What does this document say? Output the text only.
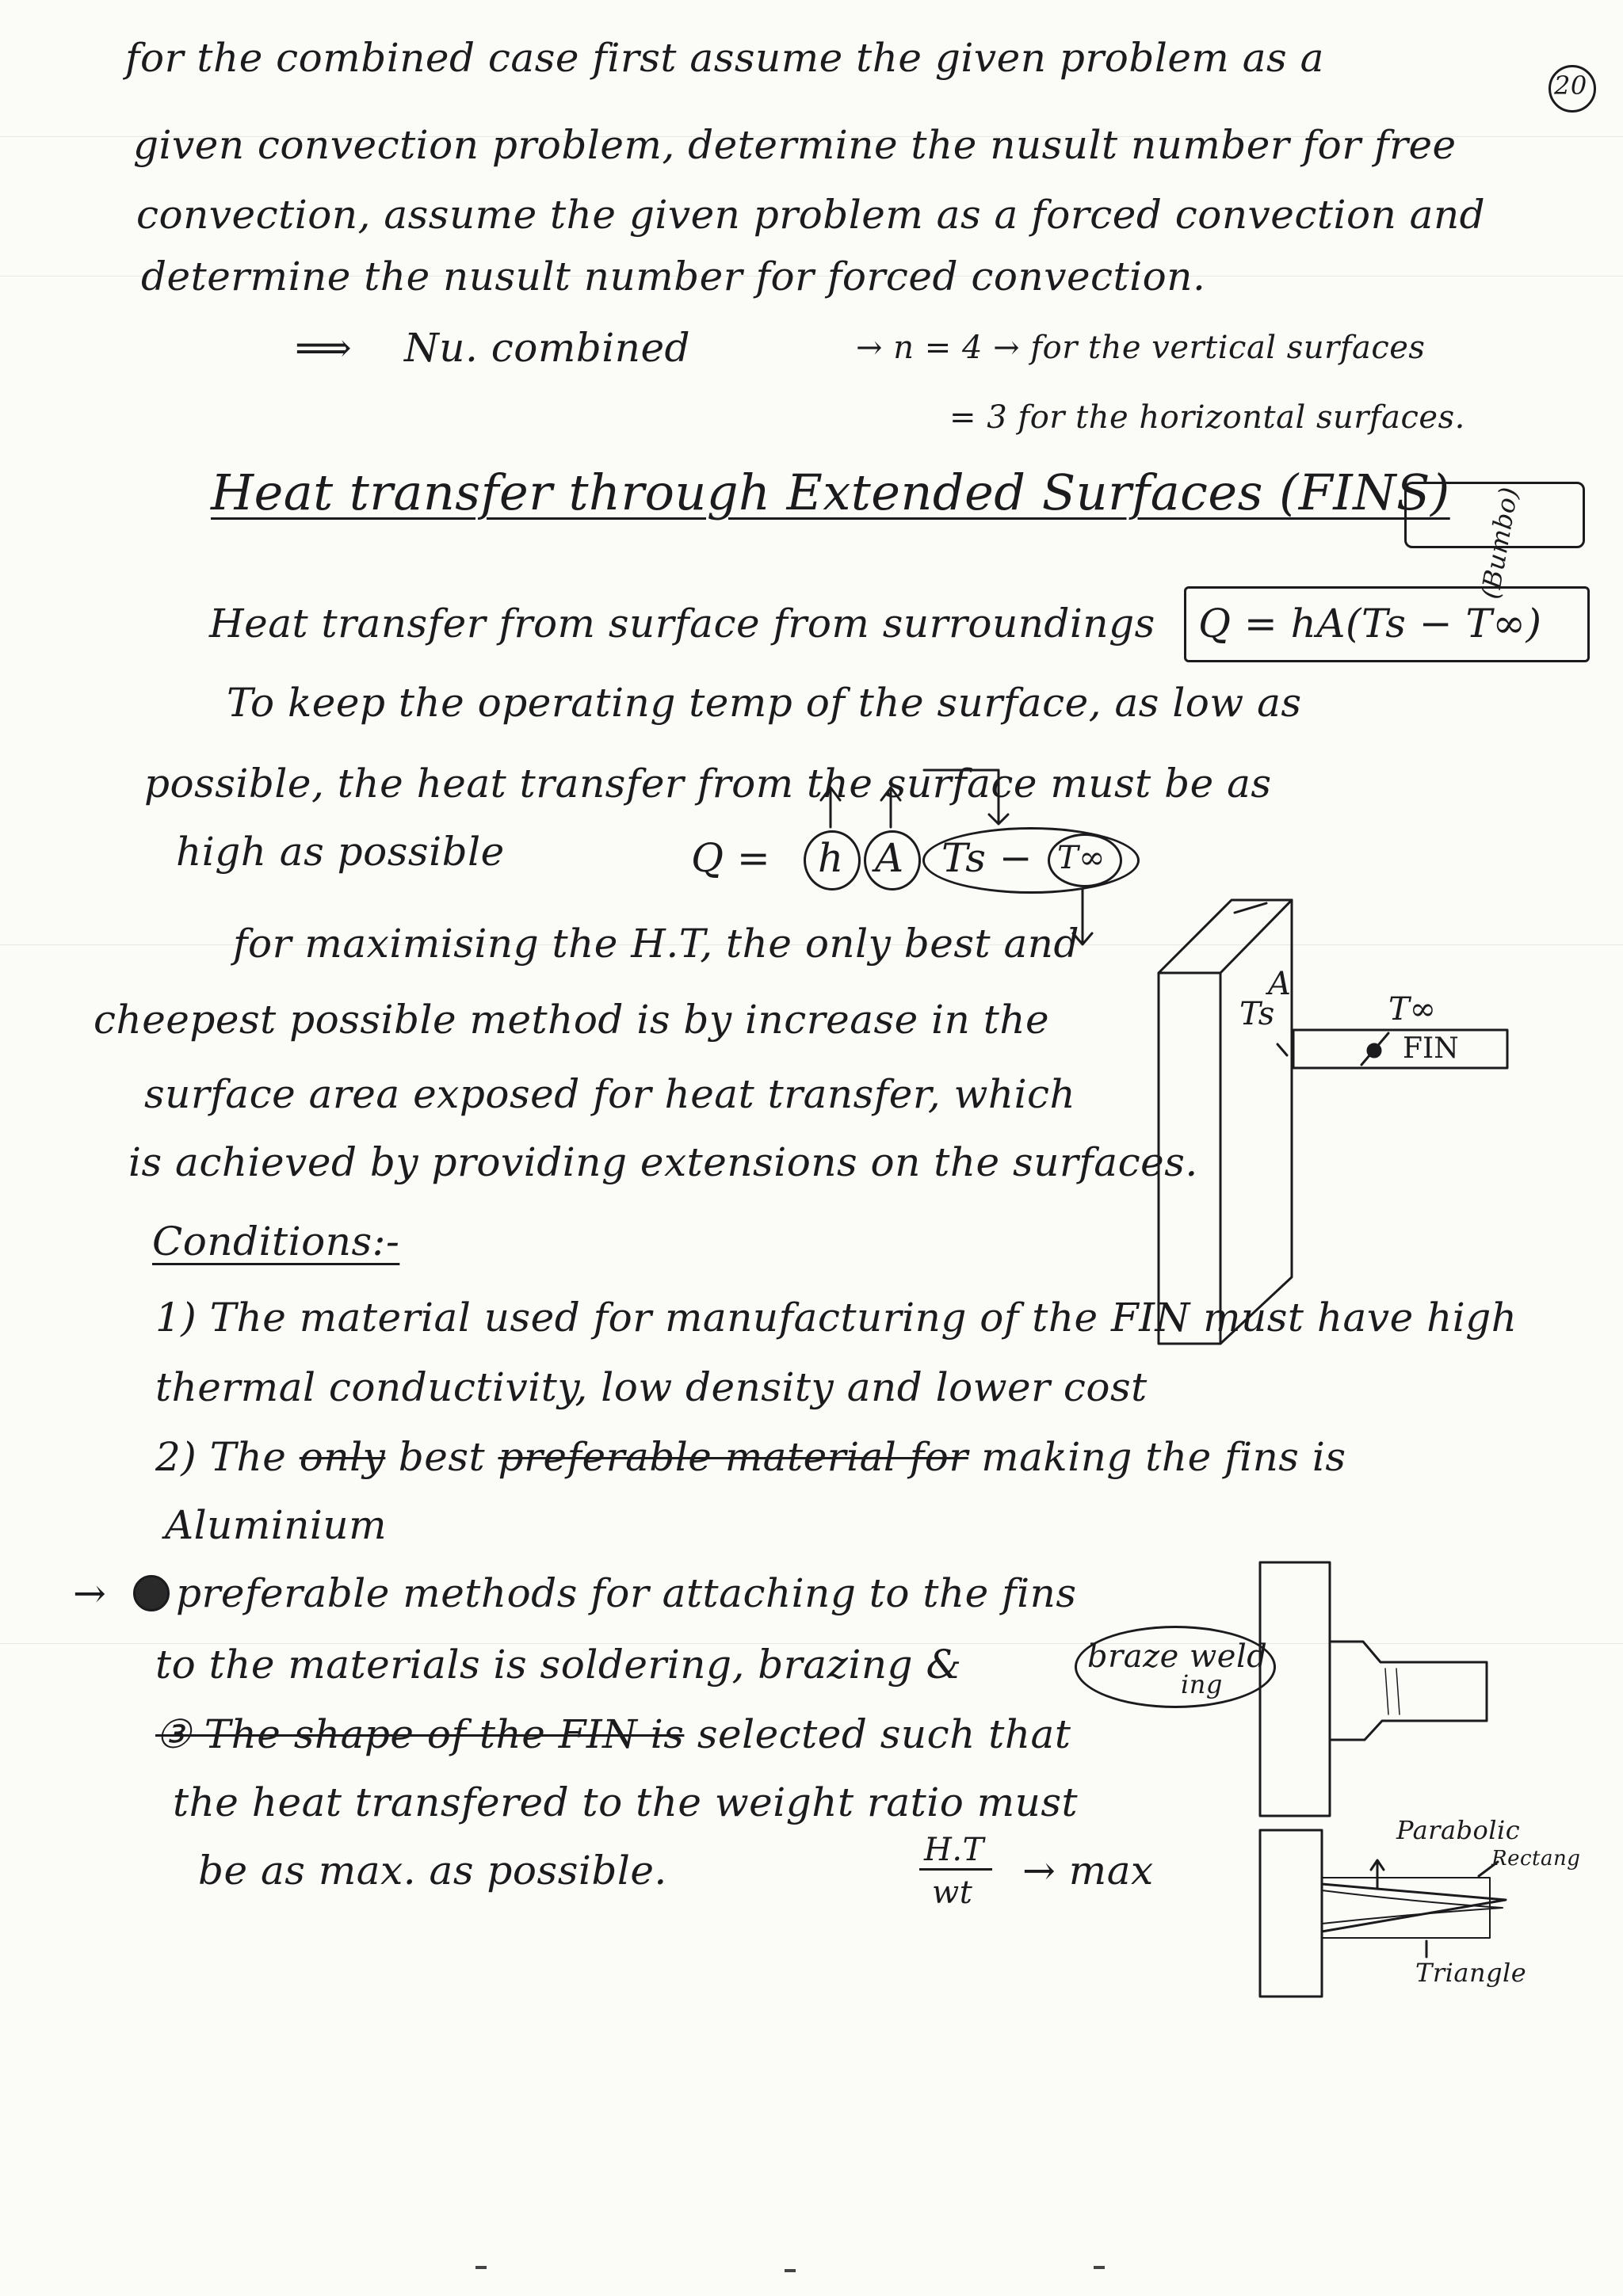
20
for the combined case first assume the given problem as a
given convection problem, determine the nusult number for free
convection, assume the given problem as a forced convection and
determine the nusult number for forced convection.
⟹ Nu. combined	→ n = 4 → for the vertical surfaces
= 3 for the horizontal surfaces.
Heat transfer through Extended Surfaces (FINS) (Bumbo)
Heat transfer from surface from surroundings Q = hA(Ts − T∞)
To keep the operating temp of the surface, as low as
possible, the heat transfer from the surface must be as
high as possible	Q = h A Ts − T∞
for maximising the H.T, the only best and
cheepest possible method is by increase in the
surface area exposed for heat transfer, which
is achieved by providing extensions on the surfaces.
Conditions:-
1) The material used for manufacturing of the FIN must have high
thermal conductivity, low density and lower cost
2) The only best preferable material for making the fins is
Aluminium
→ preferable methods for attaching to the fins
to the materials is soldering, brazing &	braze weld
ing
③ The shape of the FIN is selected such that
the heat transfered to the weight ratio must
be as max. as possible.	H.T
wt → max
A
Ts	T∞
FIN
Parabolic
Rectang
Triangle
